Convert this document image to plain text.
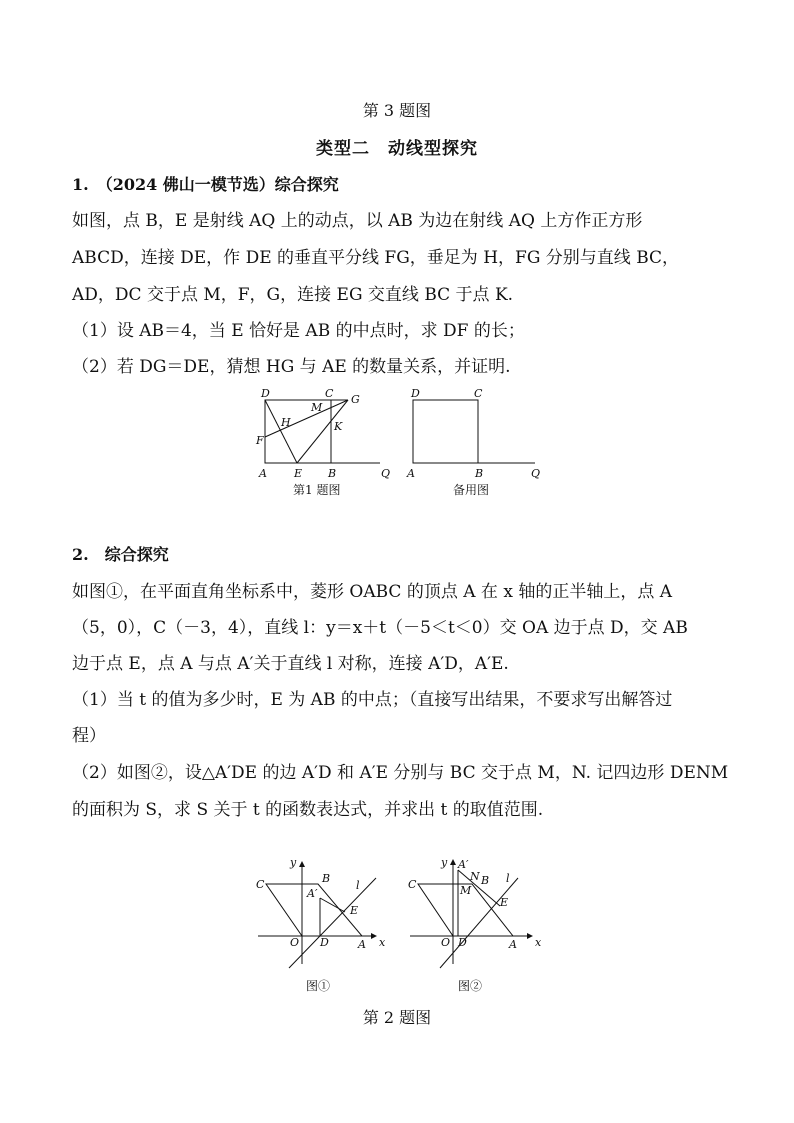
第 3 题图
类型二　动线型探究
1.　（2024 佛山一模节选）综合探究
如图，点 B，E 是射线 AQ 上的动点，以 AB 为边在射线 AQ 上方作正方形
ABCD，连接 DE，作 DE 的垂直平分线 FG，垂足为 H，FG 分别与直线 BC，
AD，DC 交于点 M，F，G，连接 EG 交直线 BC 于点 K.
（1）设 AB＝4，当 E 恰好是 AB 的中点时，求 DF 的长；
（2）若 DG＝DE，猜想 HG 与 AE 的数量关系，并证明.
D	C G
M
H	K
F
A E B	Q
第1 题图
D	C
A	B	Q
备用图
2.　综合探究
如图①，在平面直角坐标系中，菱形 OABC 的顶点 A 在 x 轴的正半轴上，点 A
（5，0），C（－3，4），直线 l：y＝x＋t（－5＜t＜0）交 OA 边于点 D，交 AB
边于点 E，点 A 与点 A′关于直线 l 对称，连接 A′D，A′E.
（1）当 t 的值为多少时，E 为 AB 的中点；（直接写出结果，不要求写出解答过
程）
（2）如图②，设△A′DE 的边 A′D 和 A′E 分别与 BC 交于点 M，N. 记四边形 DENM
的面积为 S，求 S 关于 t 的函数表达式，并求出 t 的取值范围.
y
C	B
A′
l
E
O D	A x
图①
y A′
N B l
C	M
E
O D	A x
图②
第 2 题图
